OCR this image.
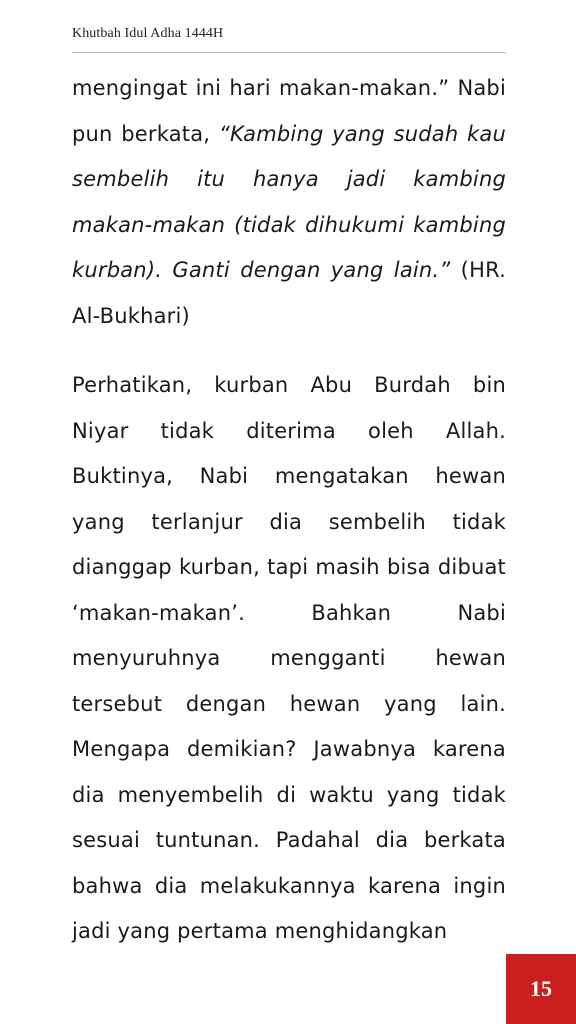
Khutbah Idul Adha 1444H

mengingat ini hari makan-makan.” Nabi pun berkata, “Kambing yang sudah kau sembelih itu hanya jadi kambing makan-makan (tidak dihukumi kambing kurban). Ganti dengan yang lain.” (HR. Al-Bukhari)

Perhatikan, kurban Abu Burdah bin Niyar tidak diterima oleh Allah. Buktinya, Nabi mengatakan hewan yang terlanjur dia sembelih tidak dianggap kurban, tapi masih bisa dibuat ‘makan-makan’. Bahkan Nabi menyuruhnya mengganti hewan tersebut dengan hewan yang lain. Mengapa demikian? Jawabnya karena dia menyembelih di waktu yang tidak sesuai tuntunan. Padahal dia berkata bahwa dia melakukannya karena ingin jadi yang pertama menghidangkan

15
